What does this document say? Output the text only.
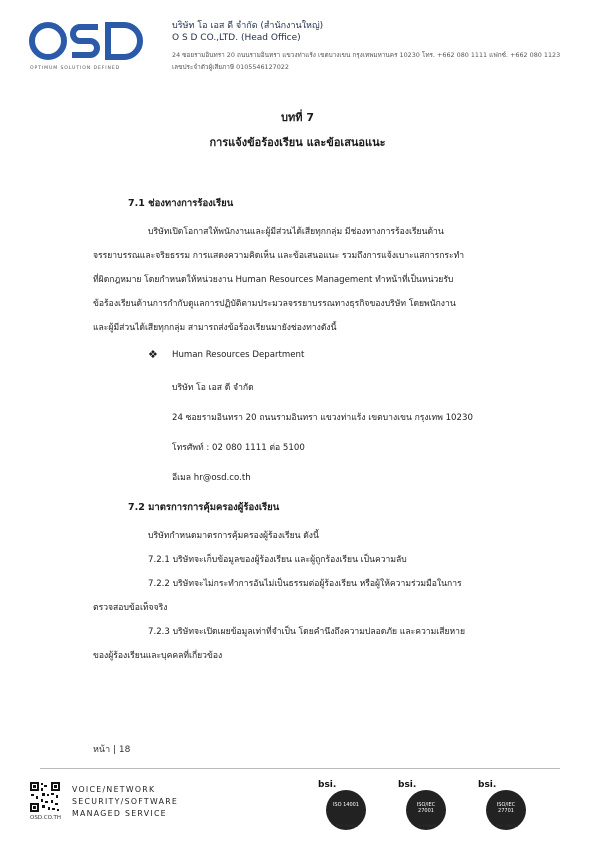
OPTIMUM SOLUTION DEFINED
บริษัท โอ เอส ดี จำกัด (สำนักงานใหญ่)
O S D CO.,LTD. (Head Office)
24 ซอยรามอินทรา 20 ถนนรามอินทรา แขวงท่าแร้ง เขตบางเขน กรุงเทพมหานคร 10230 โทร. +662 080 1111 แฟกซ์. +662 080 1123
เลขประจำตัวผู้เสียภาษี 0105546127022
บทที่ 7
การแจ้งข้อร้องเรียน และข้อเสนอแนะ
7.1 ช่องทางการร้องเรียน
บริษัทเปิดโอกาสให้พนักงานและผู้มีส่วนได้เสียทุกกลุ่ม มีช่องทางการร้องเรียนด้าน
จรรยาบรรณและจริยธรรม การแสดงความคิดเห็น และข้อเสนอแนะ รวมถึงการแจ้งเบาะแสการกระทำ
ที่ผิดกฎหมาย โดยกำหนดให้หน่วยงาน Human Resources Management ทำหน้าที่เป็นหน่วยรับ
ข้อร้องเรียนด้านการกำกับดูแลการปฏิบัติตามประมวลจรรยาบรรณทางธุรกิจของบริษัท โดยพนักงาน
และผู้มีส่วนได้เสียทุกกลุ่ม สามารถส่งข้อร้องเรียนมายังช่องทางดังนี้
❖ Human Resources Department
บริษัท โอ เอส ดี จำกัด
24 ซอยรามอินทรา 20 ถนนรามอินทรา แขวงท่าแร้ง เขตบางเขน กรุงเทพ 10230
โทรศัพท์ : 02 080 1111 ต่อ 5100
อีเมล hr@osd.co.th
7.2 มาตรการการคุ้มครองผู้ร้องเรียน
บริษัทกำหนดมาตรการคุ้มครองผู้ร้องเรียน ดังนี้
7.2.1 บริษัทจะเก็บข้อมูลของผู้ร้องเรียน และผู้ถูกร้องเรียน เป็นความลับ
7.2.2 บริษัทจะไม่กระทำการอันไม่เป็นธรรมต่อผู้ร้องเรียน หรือผู้ให้ความร่วมมือในการ
ตรวจสอบข้อเท็จจริง
7.2.3 บริษัทจะเปิดเผยข้อมูลเท่าที่จำเป็น โดยคำนึงถึงความปลอดภัย และความเสียหาย
ของผู้ร้องเรียนและบุคคลที่เกี่ยวข้อง
หน้า | 18
OSD.CO.TH
VOICE/NETWORK
SECURITY/SOFTWARE
MANAGED SERVICE
bsi.
ISO 14001
EMS 728412
bsi.
ISO/IEC 27001
IS 723838
bsi.
ISO/IEC 27701
PMS 769950
